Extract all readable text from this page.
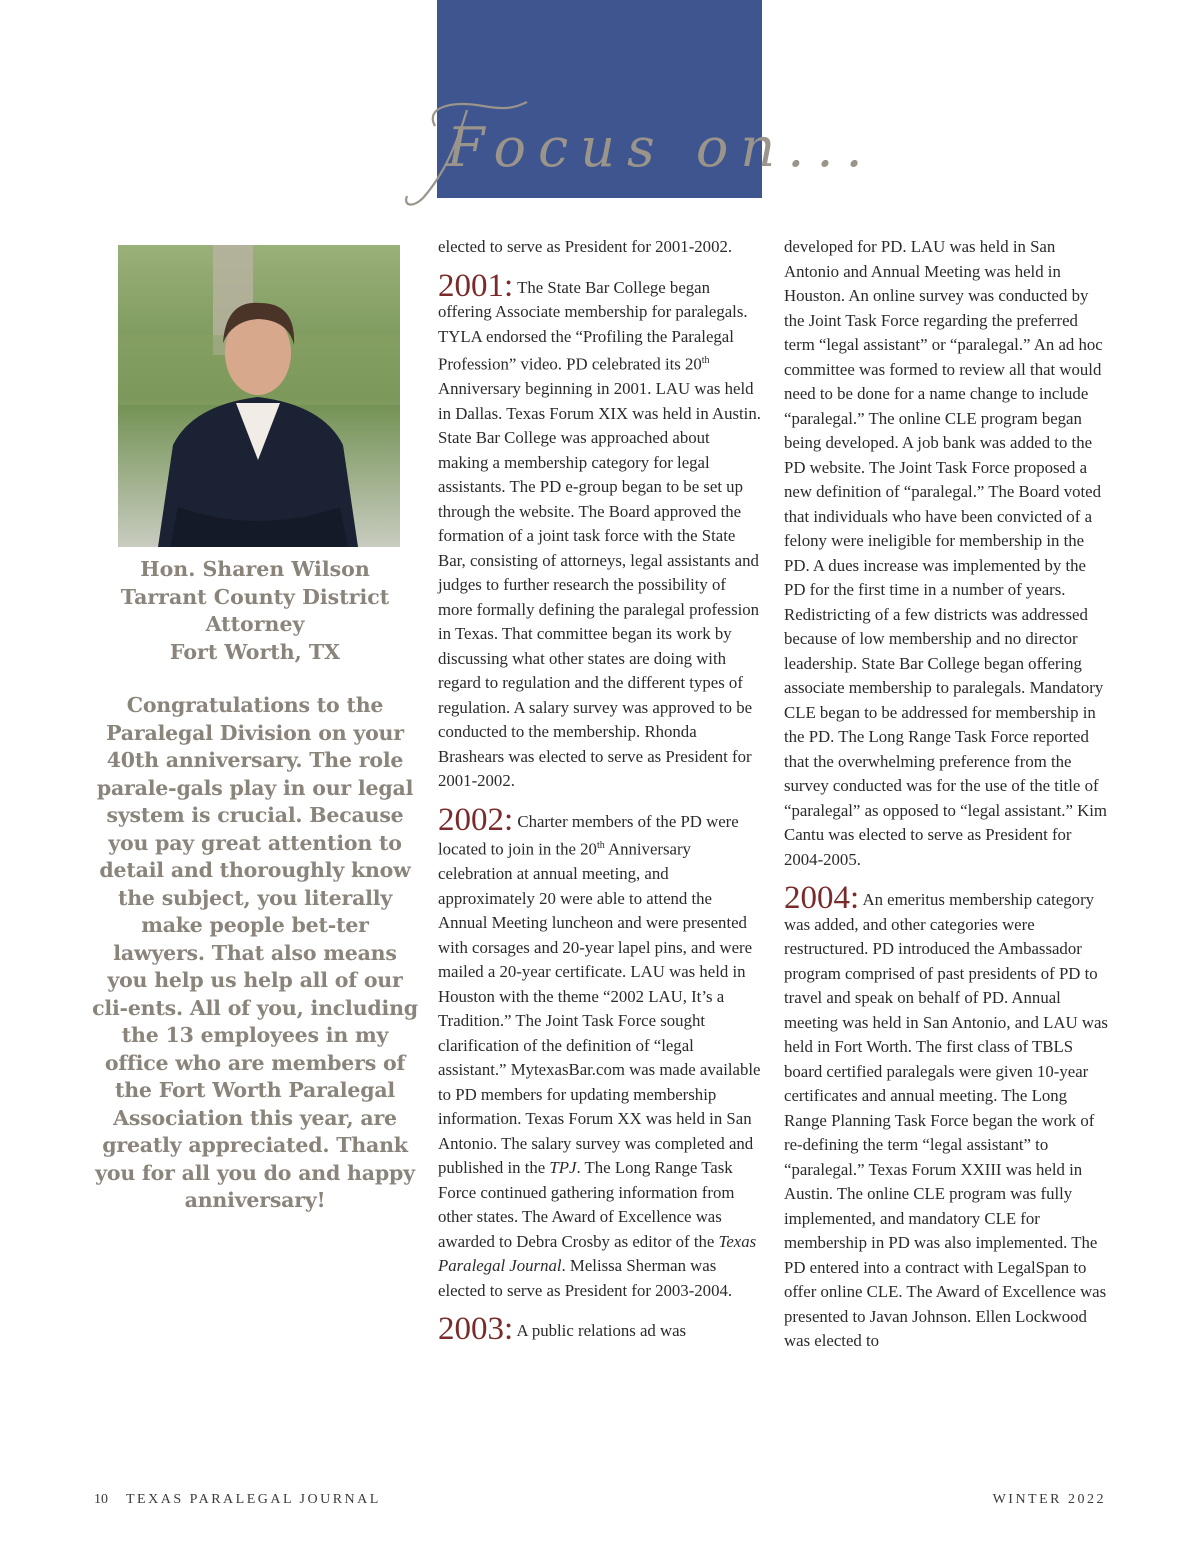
Focus on...

Hon. Sharen Wilson
Tarrant County District
Attorney
Fort Worth, TX

Congratulations to the Paralegal Division on your 40th anniversary. The role parale-gals play in our legal system is crucial. Because you pay great attention to detail and thoroughly know the subject, you literally make people bet-ter lawyers. That also means you help us help all of our cli-ents. All of you, including the 13 employees in my office who are members of the Fort Worth Paralegal Association this year, are greatly appreciated. Thank you for all you do and happy anniversary!

elected to serve as President for 2001-2002.

2001: The State Bar College began offering Associate membership for paralegals. TYLA endorsed the “Profiling the Paralegal Profession” video. PD celebrated its 20th Anniversary beginning in 2001. LAU was held in Dallas. Texas Forum XIX was held in Austin. State Bar College was approached about making a membership category for legal assistants. The PD e-group began to be set up through the website. The Board approved the formation of a joint task force with the State Bar, consisting of attorneys, legal assistants and judges to further research the possibility of more formally defining the paralegal profession in Texas. That committee began its work by discussing what other states are doing with regard to regulation and the different types of regulation. A salary survey was approved to be conducted to the membership. Rhonda Brashears was elected to serve as President for 2001-2002.

2002: Charter members of the PD were located to join in the 20th Anniversary celebration at annual meeting, and approximately 20 were able to attend the Annual Meeting luncheon and were presented with corsages and 20-year lapel pins, and were mailed a 20-year certificate. LAU was held in Houston with the theme “2002 LAU, It’s a Tradition.” The Joint Task Force sought clarification of the definition of “legal assistant.” MytexasBar.com was made available to PD members for updating membership information. Texas Forum XX was held in San Antonio. The salary survey was completed and published in the TPJ. The Long Range Task Force continued gathering information from other states. The Award of Excellence was awarded to Debra Crosby as editor of the Texas Paralegal Journal. Melissa Sherman was elected to serve as President for 2003-2004.

2003: A public relations ad was

developed for PD. LAU was held in San Antonio and Annual Meeting was held in Houston. An online survey was conducted by the Joint Task Force regarding the preferred term “legal assistant” or “paralegal.” An ad hoc committee was formed to review all that would need to be done for a name change to include “paralegal.” The online CLE program began being developed. A job bank was added to the PD website. The Joint Task Force proposed a new definition of “paralegal.” The Board voted that individuals who have been convicted of a felony were ineligible for membership in the PD. A dues increase was implemented by the PD for the first time in a number of years. Redistricting of a few districts was addressed because of low membership and no director leadership. State Bar College began offering associate membership to paralegals. Mandatory CLE began to be addressed for membership in the PD. The Long Range Task Force reported that the overwhelming preference from the survey conducted was for the use of the title of “paralegal” as opposed to “legal assistant.” Kim Cantu was elected to serve as President for 2004-2005.

2004: An emeritus membership category was added, and other categories were restructured. PD introduced the Ambassador program comprised of past presidents of PD to travel and speak on behalf of PD. Annual meeting was held in San Antonio, and LAU was held in Fort Worth. The first class of TBLS board certified paralegals were given 10-year certificates and annual meeting. The Long Range Planning Task Force began the work of re-defining the term “legal assistant” to “paralegal.” Texas Forum XXIII was held in Austin. The online CLE program was fully implemented, and mandatory CLE for membership in PD was also implemented. The PD entered into a contract with LegalSpan to offer online CLE. The Award of Excellence was presented to Javan Johnson. Ellen Lockwood was elected to

10 TEXAS PARALEGAL JOURNAL	WINTER 2022
